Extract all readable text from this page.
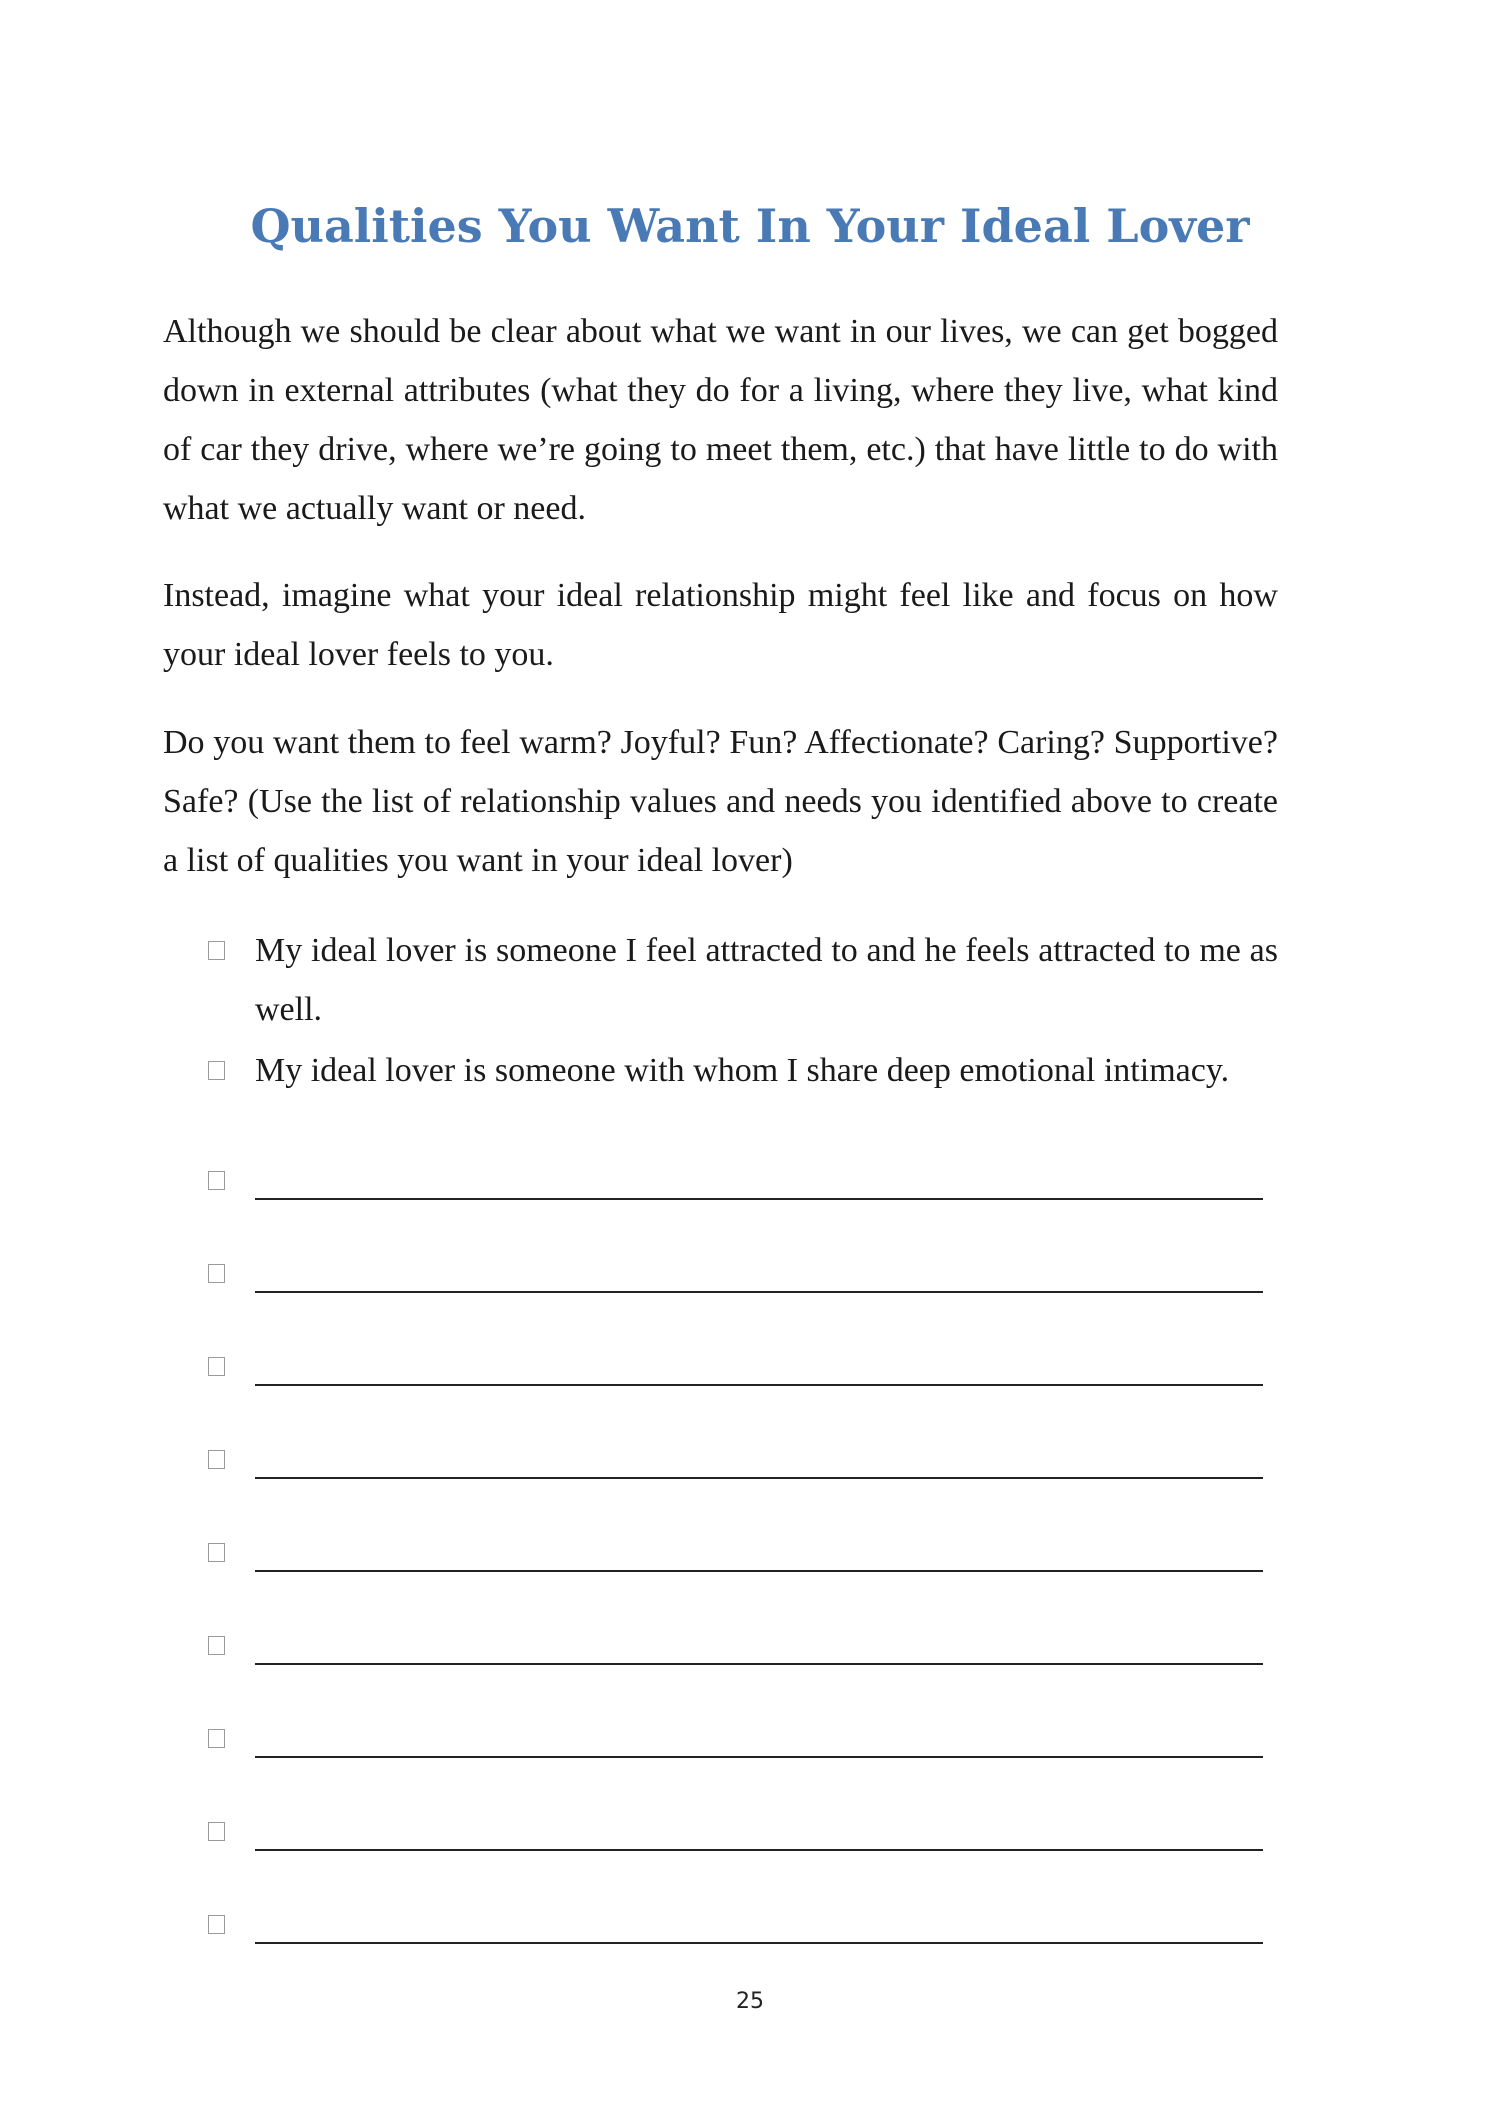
Qualities You Want In Your Ideal Lover

Although we should be clear about what we want in our lives, we can get bogged down in external attributes (what they do for a living, where they live, what kind of car they drive, where we’re going to meet them, etc.) that have little to do with what we actually want or need.

Instead, imagine what your ideal relationship might feel like and focus on how your ideal lover feels to you.

Do you want them to feel warm? Joyful? Fun? Affectionate? Caring? Supportive? Safe? (Use the list of relationship values and needs you identified above to create a list of qualities you want in your ideal lover)

My ideal lover is someone I feel attracted to and he feels attracted to me as well.

My ideal lover is someone with whom I share deep emotional intimacy.

25
